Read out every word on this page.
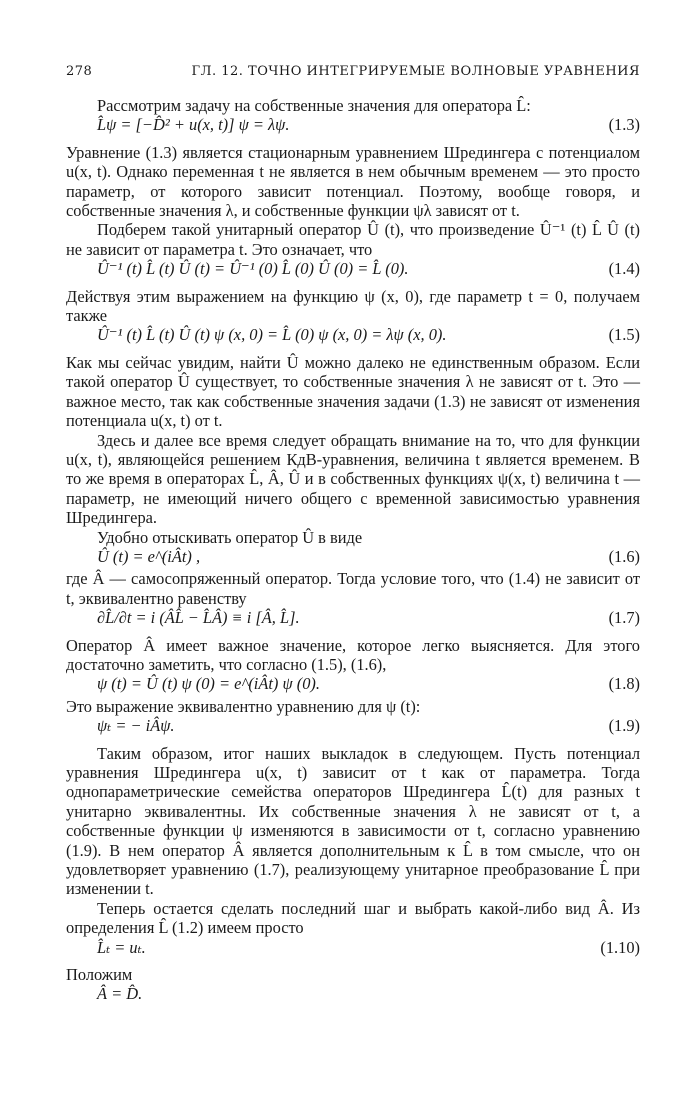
278	ГЛ. 12. ТОЧНО ИНТЕГРИРУЕМЫЕ ВОЛНОВЫЕ УРАВНЕНИЯ

Рассмотрим задачу на собственные значения для оператора L̂:

L̂ψ = [−D̂² + u(x, t)] ψ = λψ.	(1.3)

Уравнение (1.3) является стационарным уравнением Шредингера с потенциалом u(x, t). Однако переменная t не является в нем обычным временем — это просто параметр, от которого зависит потенциал. Поэтому, вообще говоря, и собственные значения λ, и собственные функции ψλ зависят от t.

Подберем такой унитарный оператор Û (t), что произведение Û⁻¹ (t) L̂ Û (t) не зависит от параметра t. Это означает, что

Û⁻¹ (t) L̂ (t) Û (t) = Û⁻¹ (0) L̂ (0) Û (0) = L̂ (0).	(1.4)

Действуя этим выражением на функцию ψ (x, 0), где параметр t = 0, получаем также

Û⁻¹ (t) L̂ (t) Û (t) ψ (x, 0) = L̂ (0) ψ (x, 0) = λψ (x, 0).	(1.5)

Как мы сейчас увидим, найти Û можно далеко не единственным образом. Если такой оператор Û существует, то собственные значения λ не зависят от t. Это — важное место, так как собственные значения задачи (1.3) не зависят от изменения потенциала u(x, t) от t.

Здесь и далее все время следует обращать внимание на то, что для функции u(x, t), являющейся решением КдВ-уравнения, величина t является временем. В то же время в операторах L̂, Â, Û и в собственных функциях ψ(x, t) величина t — параметр, не имеющий ничего общего с временной зависимостью уравнения Шредингера.

Удобно отыскивать оператор Û в виде

Û (t) = e^(iÂt) ,	(1.6)

где Â — самосопряженный оператор. Тогда условие того, что (1.4) не зависит от t, эквивалентно равенству

∂L̂/∂t = i (ÂL̂ − L̂Â) ≡ i [Â, L̂].	(1.7)

Оператор Â имеет важное значение, которое легко выясняется. Для этого достаточно заметить, что согласно (1.5), (1.6),

ψ (t) = Û (t) ψ (0) = e^(iÂt) ψ (0).	(1.8)

Это выражение эквивалентно уравнению для ψ (t):

ψₜ = − iÂψ.	(1.9)

Таким образом, итог наших выкладок в следующем. Пусть потенциал уравнения Шредингера u(x, t) зависит от t как от параметра. Тогда однопараметрические семейства операторов Шредингера L̂(t) для разных t унитарно эквивалентны. Их собственные значения λ не зависят от t, а собственные функции ψ изменяются в зависимости от t, согласно уравнению (1.9). В нем оператор Â является дополнительным к L̂ в том смысле, что он удовлетворяет уравнению (1.7), реализующему унитарное преобразование L̂ при изменении t.

Теперь остается сделать последний шаг и выбрать какой-либо вид Â. Из определения L̂ (1.2) имеем просто

L̂ₜ = uₜ.	(1.10)

Положим

Â = D̂.
